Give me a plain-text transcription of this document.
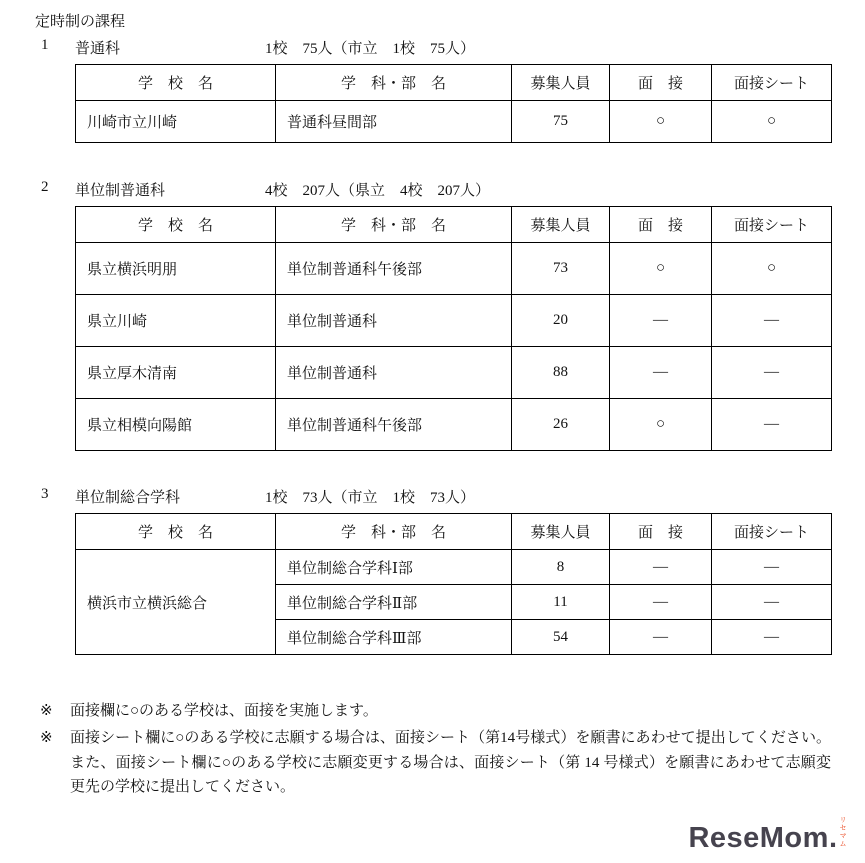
定時制の課程
1 普通科	1校　75人（市立　1校　75人）
学　校　名	学　科・部　名	募集人員	面　接	面接シート
川崎市立川崎	普通科昼間部	75	○	○
2 単位制普通科	4校　207人（県立　4校　207人）
学　校　名	学　科・部　名	募集人員	面　接	面接シート
県立横浜明朋	単位制普通科午後部	73	○	○
県立川崎	単位制普通科	20	―	―
県立厚木清南	単位制普通科	88	―	―
県立相模向陽館	単位制普通科午後部	26	○	―
3 単位制総合学科	1校　73人（市立　1校　73人）
学　校　名	学　科・部　名	募集人員	面　接	面接シート
横浜市立横浜総合	単位制総合学科Ⅰ部	8	―	―
	単位制総合学科Ⅱ部	11	―	―
	単位制総合学科Ⅲ部	54	―	―
※	面接欄に○のある学校は、面接を実施します。
※	面接シート欄に○のある学校に志願する場合は、面接シート（第14号様式）を願書にあわせて提出してください。また、面接シート欄に○のある学校に志願変更する場合は、面接シート（第 14 号様式）を願書にあわせて志願変更先の学校に提出してください。
リセマム
ReseMom.
